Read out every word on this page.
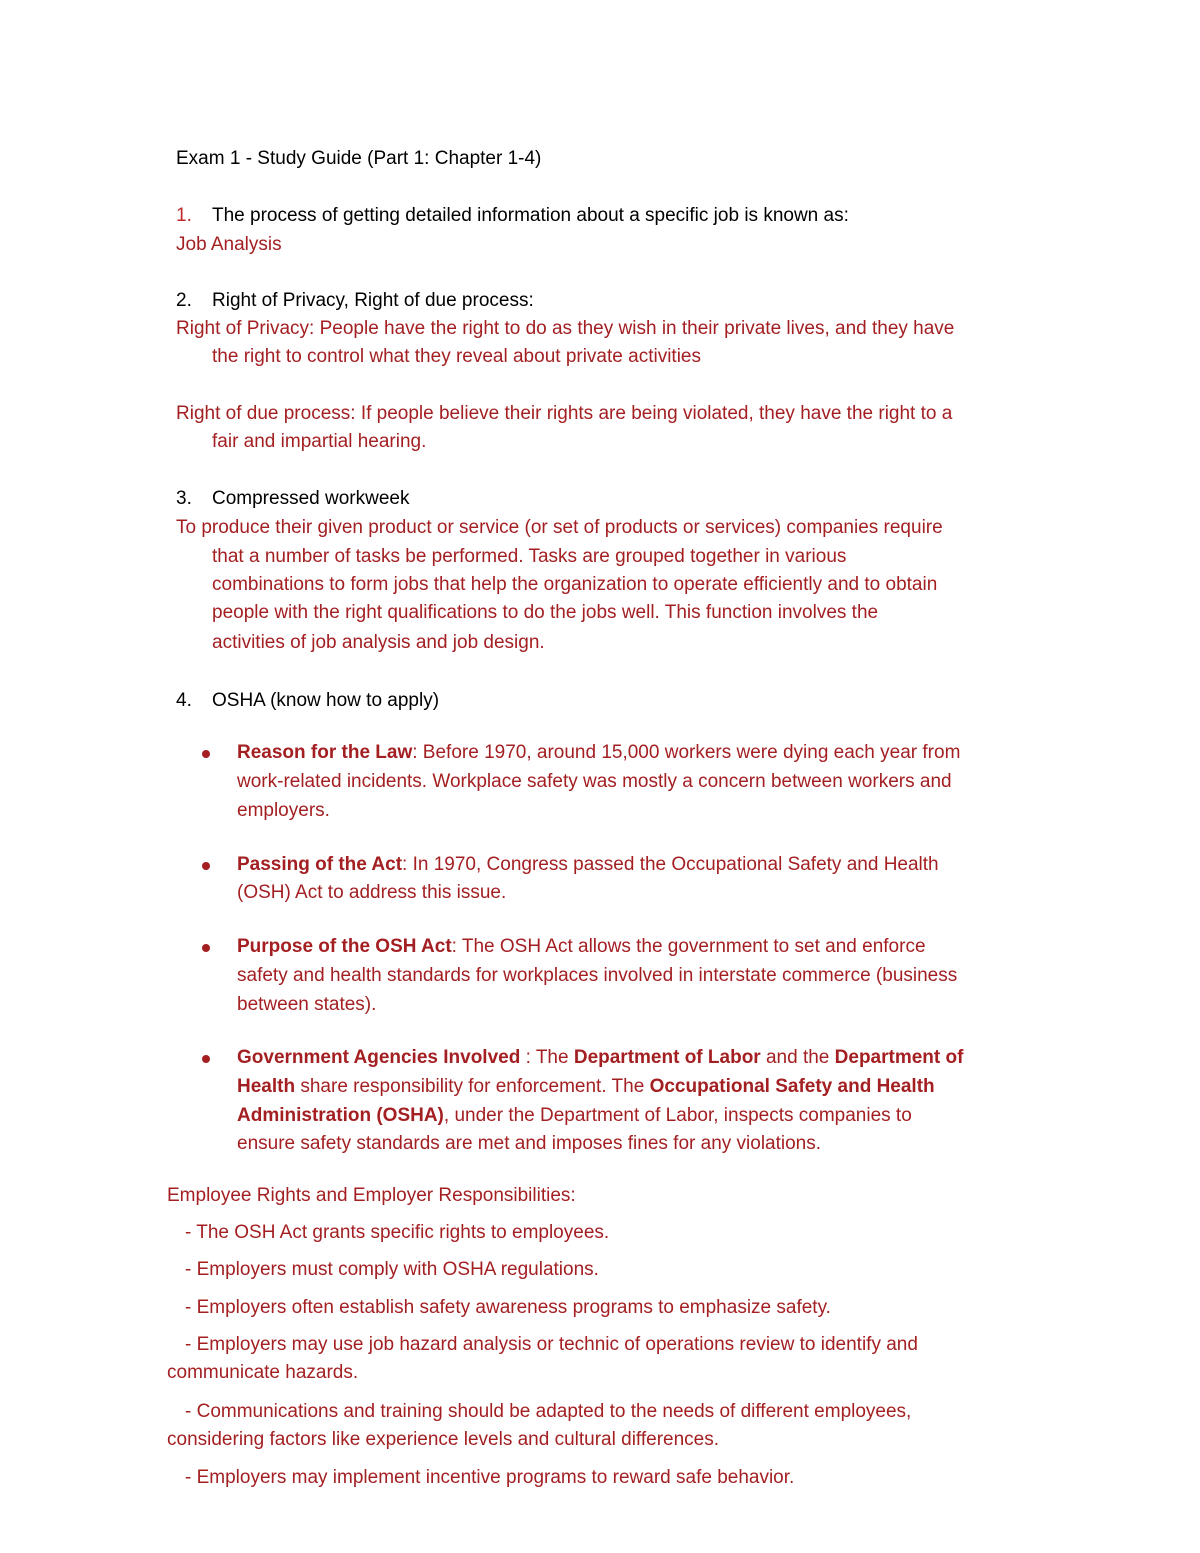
Exam 1 - Study Guide (Part 1: Chapter 1-4)
1. The process of getting detailed information about a specific job is known as:
Job Analysis
2. Right of Privacy, Right of due process:
Right of Privacy: People have the right to do as they wish in their private lives, and they have
the right to control what they reveal about private activities
Right of due process: If people believe their rights are being violated, they have the right to a
fair and impartial hearing.
3. Compressed workweek
To produce their given product or service (or set of products or services) companies require
that a number of tasks be performed. Tasks are grouped together in various
combinations to form jobs that help the organization to operate efficiently and to obtain
people with the right qualifications to do the jobs well. This function involves the
activities of job analysis and job design.
4. OSHA (know how to apply)
Reason for the Law: Before 1970, around 15,000 workers were dying each year from
work-related incidents. Workplace safety was mostly a concern between workers and
employers.
Passing of the Act: In 1970, Congress passed the Occupational Safety and Health
(OSH) Act to address this issue.
Purpose of the OSH Act: The OSH Act allows the government to set and enforce
safety and health standards for workplaces involved in interstate commerce (business
between states).
Government Agencies Involved : The Department of Labor and the Department of
Health share responsibility for enforcement. The Occupational Safety and Health
Administration (OSHA), under the Department of Labor, inspects companies to
ensure safety standards are met and imposes fines for any violations.
Employee Rights and Employer Responsibilities:
- The OSH Act grants specific rights to employees.
- Employers must comply with OSHA regulations.
- Employers often establish safety awareness programs to emphasize safety.
- Employers may use job hazard analysis or technic of operations review to identify and
communicate hazards.
- Communications and training should be adapted to the needs of different employees,
considering factors like experience levels and cultural differences.
- Employers may implement incentive programs to reward safe behavior.
